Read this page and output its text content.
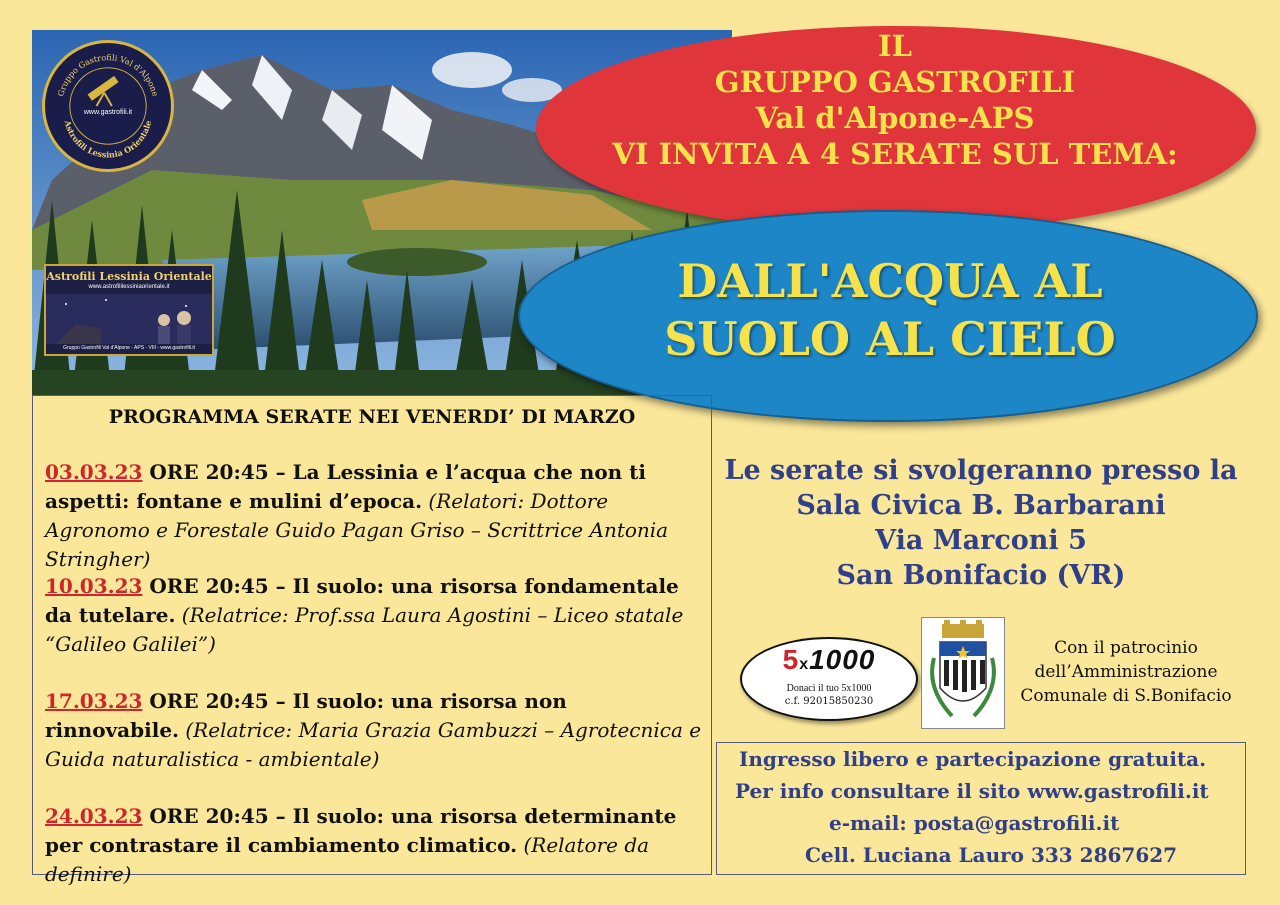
Gruppo Gastrofili Val d'Alpone
Astrofili Lessinia Orientale
www.gastrofili.it
Astrofili Lessinia Orientale
www.astrofililessiniaorientale.it
Gruppo Gastrofili Val d'Alpone - APS - VIII - www.gastrofili.it
IL
GRUPPO GASTROFILI
Val d'Alpone-APS
VI INVITA A 4 SERATE SUL TEMA:
DALL'ACQUA AL
SUOLO AL CIELO
PROGRAMMA SERATE NEI VENERDI’ DI MARZO
03.03.23 ORE 20:45 – La Lessinia e l’acqua che non ti aspetti: fontane e mulini d’epoca. (Relatori: Dottore Agronomo e Forestale Guido Pagan Griso – Scrittrice Antonia Stringher)
10.03.23 ORE 20:45 – Il suolo: una risorsa fondamentale da tutelare. (Relatrice: Prof.ssa Laura Agostini – Liceo statale “Galileo Galilei”)
17.03.23 ORE 20:45 – Il suolo: una risorsa non rinnovabile. (Relatrice: Maria Grazia Gambuzzi – Agrotecnica e Guida naturalistica - ambientale)
24.03.23 ORE 20:45 – Il suolo: una risorsa determinante per contrastare il cambiamento climatico. (Relatore da definire)
Le serate si svolgeranno presso la
Sala Civica B. Barbarani
Via Marconi 5
San Bonifacio (VR)
5x1000
Donaci il tuo 5x1000
c.f. 92015850230
Con il patrocinio
dell’Amministrazione
Comunale di S.Bonifacio
Ingresso libero e partecipazione gratuita.
Per info consultare il sito www.gastrofili.it
e-mail: posta@gastrofili.it
Cell. Luciana Lauro 333 2867627
